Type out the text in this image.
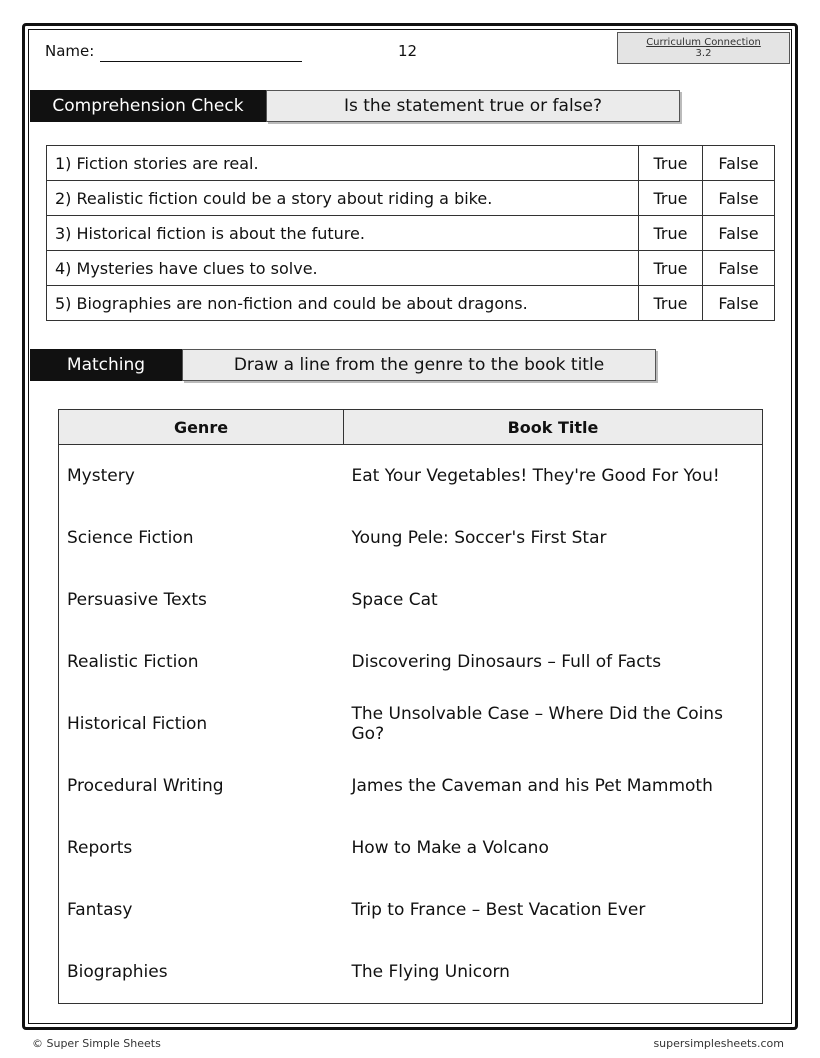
Name:	12	Curriculum Connection
3.2
Comprehension Check	Is the statement true or false?
1) Fiction stories are real.	True	False
2) Realistic fiction could be a story about riding a bike.	True	False
3) Historical fiction is about the future.	True	False
4) Mysteries have clues to solve.	True	False
5) Biographies are non-fiction and could be about dragons.	True	False
Matching	Draw a line from the genre to the book title
Genre	Book Title
Mystery	Eat Your Vegetables! They're Good For You!
Science Fiction	Young Pele: Soccer's First Star
Persuasive Texts	Space Cat
Realistic Fiction	Discovering Dinosaurs – Full of Facts
Historical Fiction	The Unsolvable Case – Where Did the Coins Go?
Procedural Writing	James the Caveman and his Pet Mammoth
Reports	How to Make a Volcano
Fantasy	Trip to France – Best Vacation Ever
Biographies	The Flying Unicorn
© Super Simple Sheets	supersimplesheets.com
